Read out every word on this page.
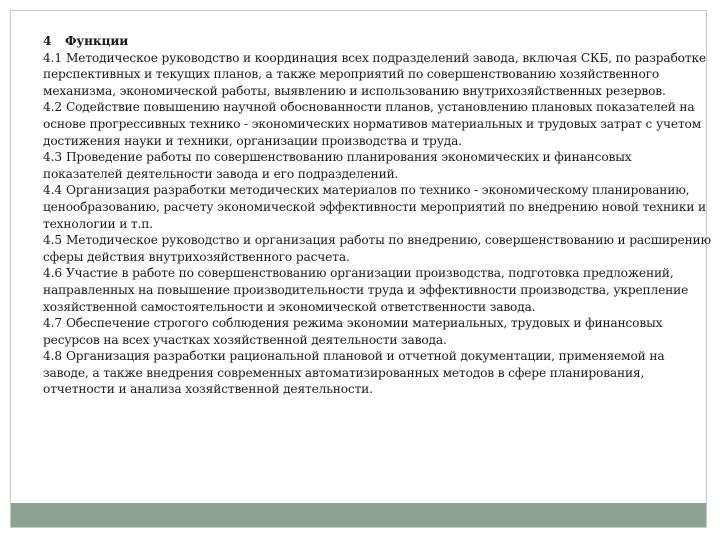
4 Функции

4.1 Методическое руководство и координация всех подразделений завода, включая СКБ, по разработке перспективных и текущих планов, а также мероприятий по совершенствованию хозяйственного механизма, экономической работы, выявлению и использованию внутрихозяйственных резервов.

4.2 Содействие повышению научной обоснованности планов, установлению плановых показателей на основе прогрессивных технико - экономических нормативов материальных и трудовых затрат с учетом достижения науки и техники, организации производства и труда.

4.3 Проведение работы по совершенствованию планирования экономических и финансовых показателей деятельности завода и его подразделений.

4.4 Организация разработки методических материалов по технико - экономическому планированию, ценообразованию, расчету экономической эффективности мероприятий по внедрению новой техники и технологии и т.п.

4.5 Методическое руководство и организация работы по внедрению, совершенствованию и расширению сферы действия внутрихозяйственного расчета.

4.6 Участие в работе по совершенствованию организации производства, подготовка предложений, направленных на повышение производительности труда и эффективности производства, укрепление хозяйственной самостоятельности и экономической ответственности завода.

4.7 Обеспечение строгого соблюдения режима экономии материальных, трудовых и финансовых ресурсов на всех участках хозяйственной деятельности завода.

4.8 Организация разработки рациональной плановой и отчетной документации, применяемой на заводе, а также внедрения современных автоматизированных методов в сфере планирования, отчетности и анализа хозяйственной деятельности.
